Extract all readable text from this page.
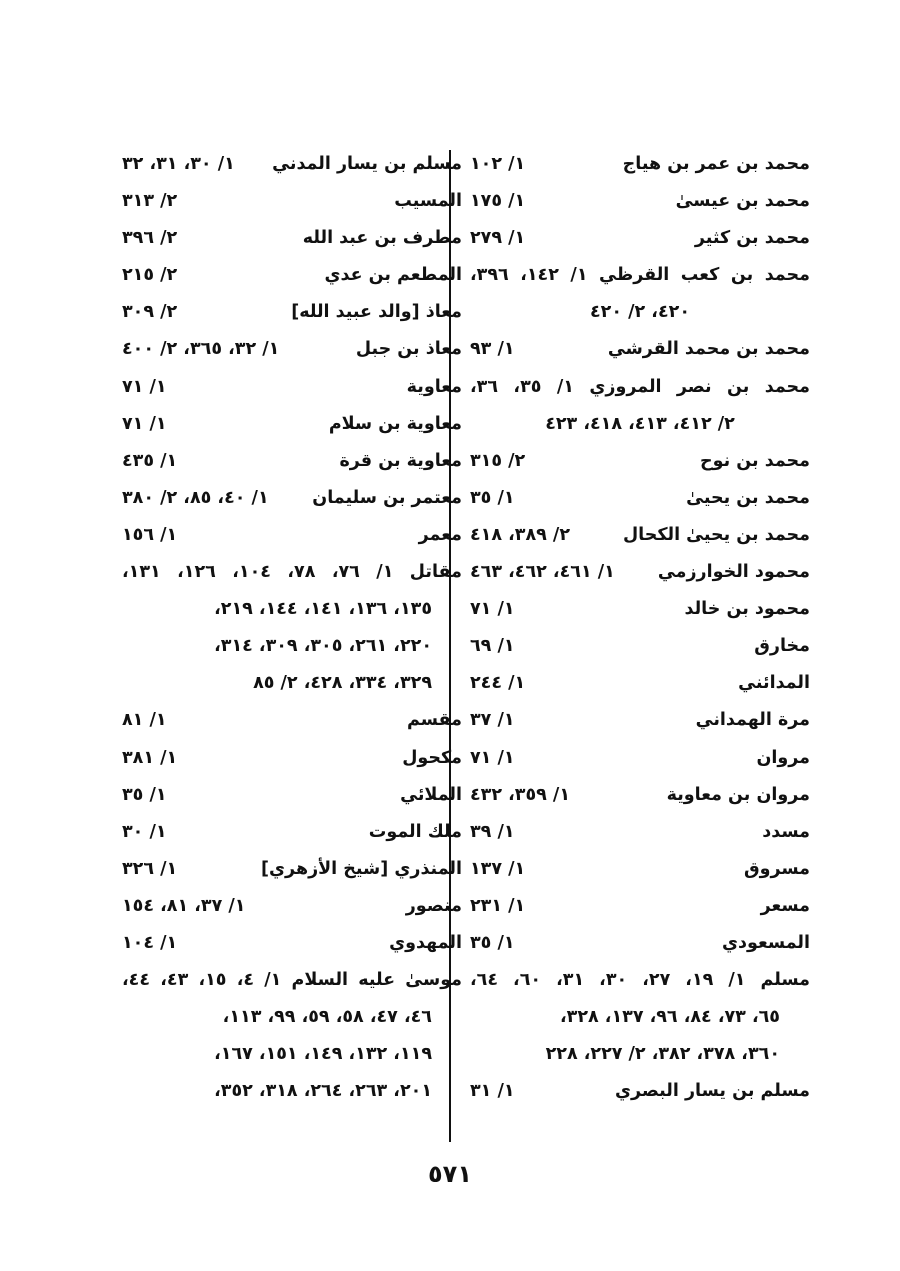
محمد بن عمر بن هياج
١/ ١٠٢
محمد بن عيسىٰ
١/ ١٧٥
محمد بن كثير
١/ ٢٧٩
محمد بن كعب القرظي ١/ ١٤٢، ٣٩٦،
٤٢٠، ٢/ ٤٢٠
محمد بن محمد القرشي
١/ ٩٣
محمد بن نصر المروزي ١/ ٣٥، ٣٦،
٢/ ٤١٢، ٤١٣، ٤١٨، ٤٢٣
محمد بن نوح
٢/ ٣١٥
محمد بن يحيىٰ
١/ ٣٥
محمد بن يحيىٰ الكحال
٢/ ٣٨٩، ٤١٨
محمود الخوارزمي
١/ ٤٦١، ٤٦٢، ٤٦٣
محمود بن خالد
١/ ٧١
مخارق
١/ ٦٩
المدائني
١/ ٢٤٤
مرة الهمداني
١/ ٣٧
مروان
١/ ٧١
مروان بن معاوية
١/ ٣٥٩، ٤٣٢
مسدد
١/ ٣٩
مسروق
١/ ١٣٧
مسعر
١/ ٢٣١
المسعودي
١/ ٣٥
مسلم ١/ ١٩، ٢٧، ٣٠، ٣١، ٦٠، ٦٤،
٦٥، ٧٣، ٨٤، ٩٦، ١٣٧، ٣٢٨،
٣٦٠، ٣٧٨، ٣٨٢، ٢/ ٢٢٧، ٢٢٨
مسلم بن يسار البصري
١/ ٣١
مسلم بن يسار المدني
١/ ٣٠، ٣١، ٣٢
المسيب
٢/ ٣١٣
مطرف بن عبد الله
٢/ ٣٩٦
المطعم بن عدي
٢/ ٢١٥
معاذ [والد عبيد الله]
٢/ ٣٠٩
معاذ بن جبل
١/ ٣٢، ٣٦٥، ٢/ ٤٠٠
معاوية
١/ ٧١
معاوية بن سلام
١/ ٧١
معاوية بن قرة
١/ ٤٣٥
معتمر بن سليمان
١/ ٤٠، ٨٥، ٢/ ٣٨٠
معمر
١/ ١٥٦
مقاتل ١/ ٧٦، ٧٨، ١٠٤، ١٢٦، ١٣١،
١٣٥، ١٣٦، ١٤١، ١٤٤، ٢١٩،
٢٢٠، ٢٦١، ٣٠٥، ٣٠٩، ٣١٤،
٣٢٩، ٣٣٤، ٤٢٨، ٢/ ٨٥
مقسم
١/ ٨١
مكحول
١/ ٣٨١
الملائي
١/ ٣٥
ملك الموت
١/ ٣٠
المنذري [شيخ الأزهري]
١/ ٣٢٦
منصور
١/ ٣٧، ٨١، ١٥٤
المهدوي
١/ ١٠٤
موسىٰ عليه السلام ١/ ٤، ١٥، ٤٣، ٤٤،
٤٦، ٤٧، ٥٨، ٥٩، ٩٩، ١١٣،
١١٩، ١٣٢، ١٤٩، ١٥١، ١٦٧،
٢٠١، ٢٦٣، ٢٦٤، ٣١٨، ٣٥٢،
٥٧١
